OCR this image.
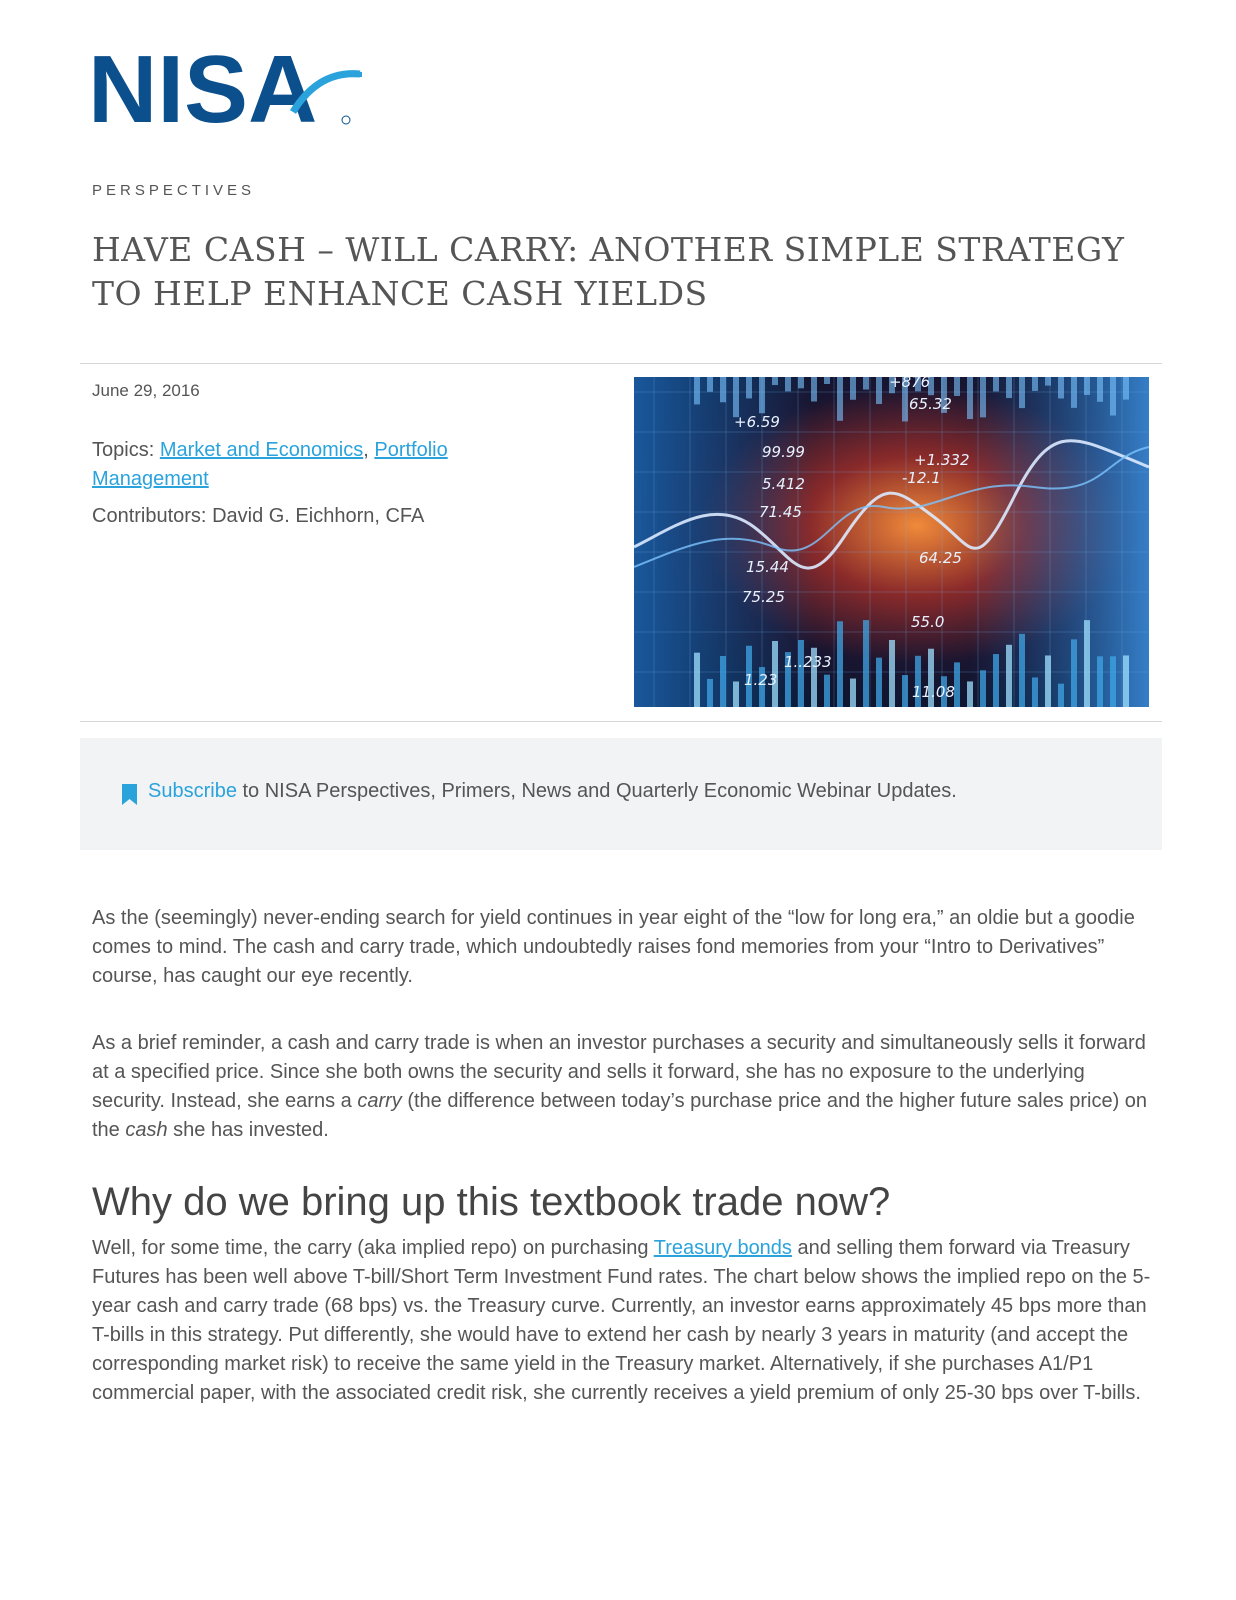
NISA
PERSPECTIVES
HAVE CASH – WILL CARRY: ANOTHER SIMPLE STRATEGY TO HELP ENHANCE CASH YIELDS
June 29, 2016
Topics: Market and Economics, Portfolio Management
Contributors: David G. Eichhorn, CFA
+6.59
99.99
5.412
71.45
15.44
75.25
1..233
1.23
65.32
+1.332
-12.1
64.25
55.0
11.08
+876
Subscribe to NISA Perspectives, Primers, News and Quarterly Economic Webinar Updates.

As the (seemingly) never-ending search for yield continues in year eight of the “low for long era,” an oldie but a goodie comes to mind. The cash and carry trade, which undoubtedly raises fond memories from your “Intro to Derivatives” course, has caught our eye recently.

As a brief reminder, a cash and carry trade is when an investor purchases a security and simultaneously sells it forward at a specified price. Since she both owns the security and sells it forward, she has no exposure to the underlying security. Instead, she earns a carry (the difference between today’s purchase price and the higher future sales price) on the cash she has invested.

Why do we bring up this textbook trade now?

Well, for some time, the carry (aka implied repo) on purchasing Treasury bonds and selling them forward via Treasury Futures has been well above T-bill/Short Term Investment Fund rates. The chart below shows the implied repo on the 5-year cash and carry trade (68 bps) vs. the Treasury curve. Currently, an investor earns approximately 45 bps more than T-bills in this strategy. Put differently, she would have to extend her cash by nearly 3 years in maturity (and accept the corresponding market risk) to receive the same yield in the Treasury market. Alternatively, if she purchases A1/P1 commercial paper, with the associated credit risk, she currently receives a yield premium of only 25-30 bps over T-bills.
